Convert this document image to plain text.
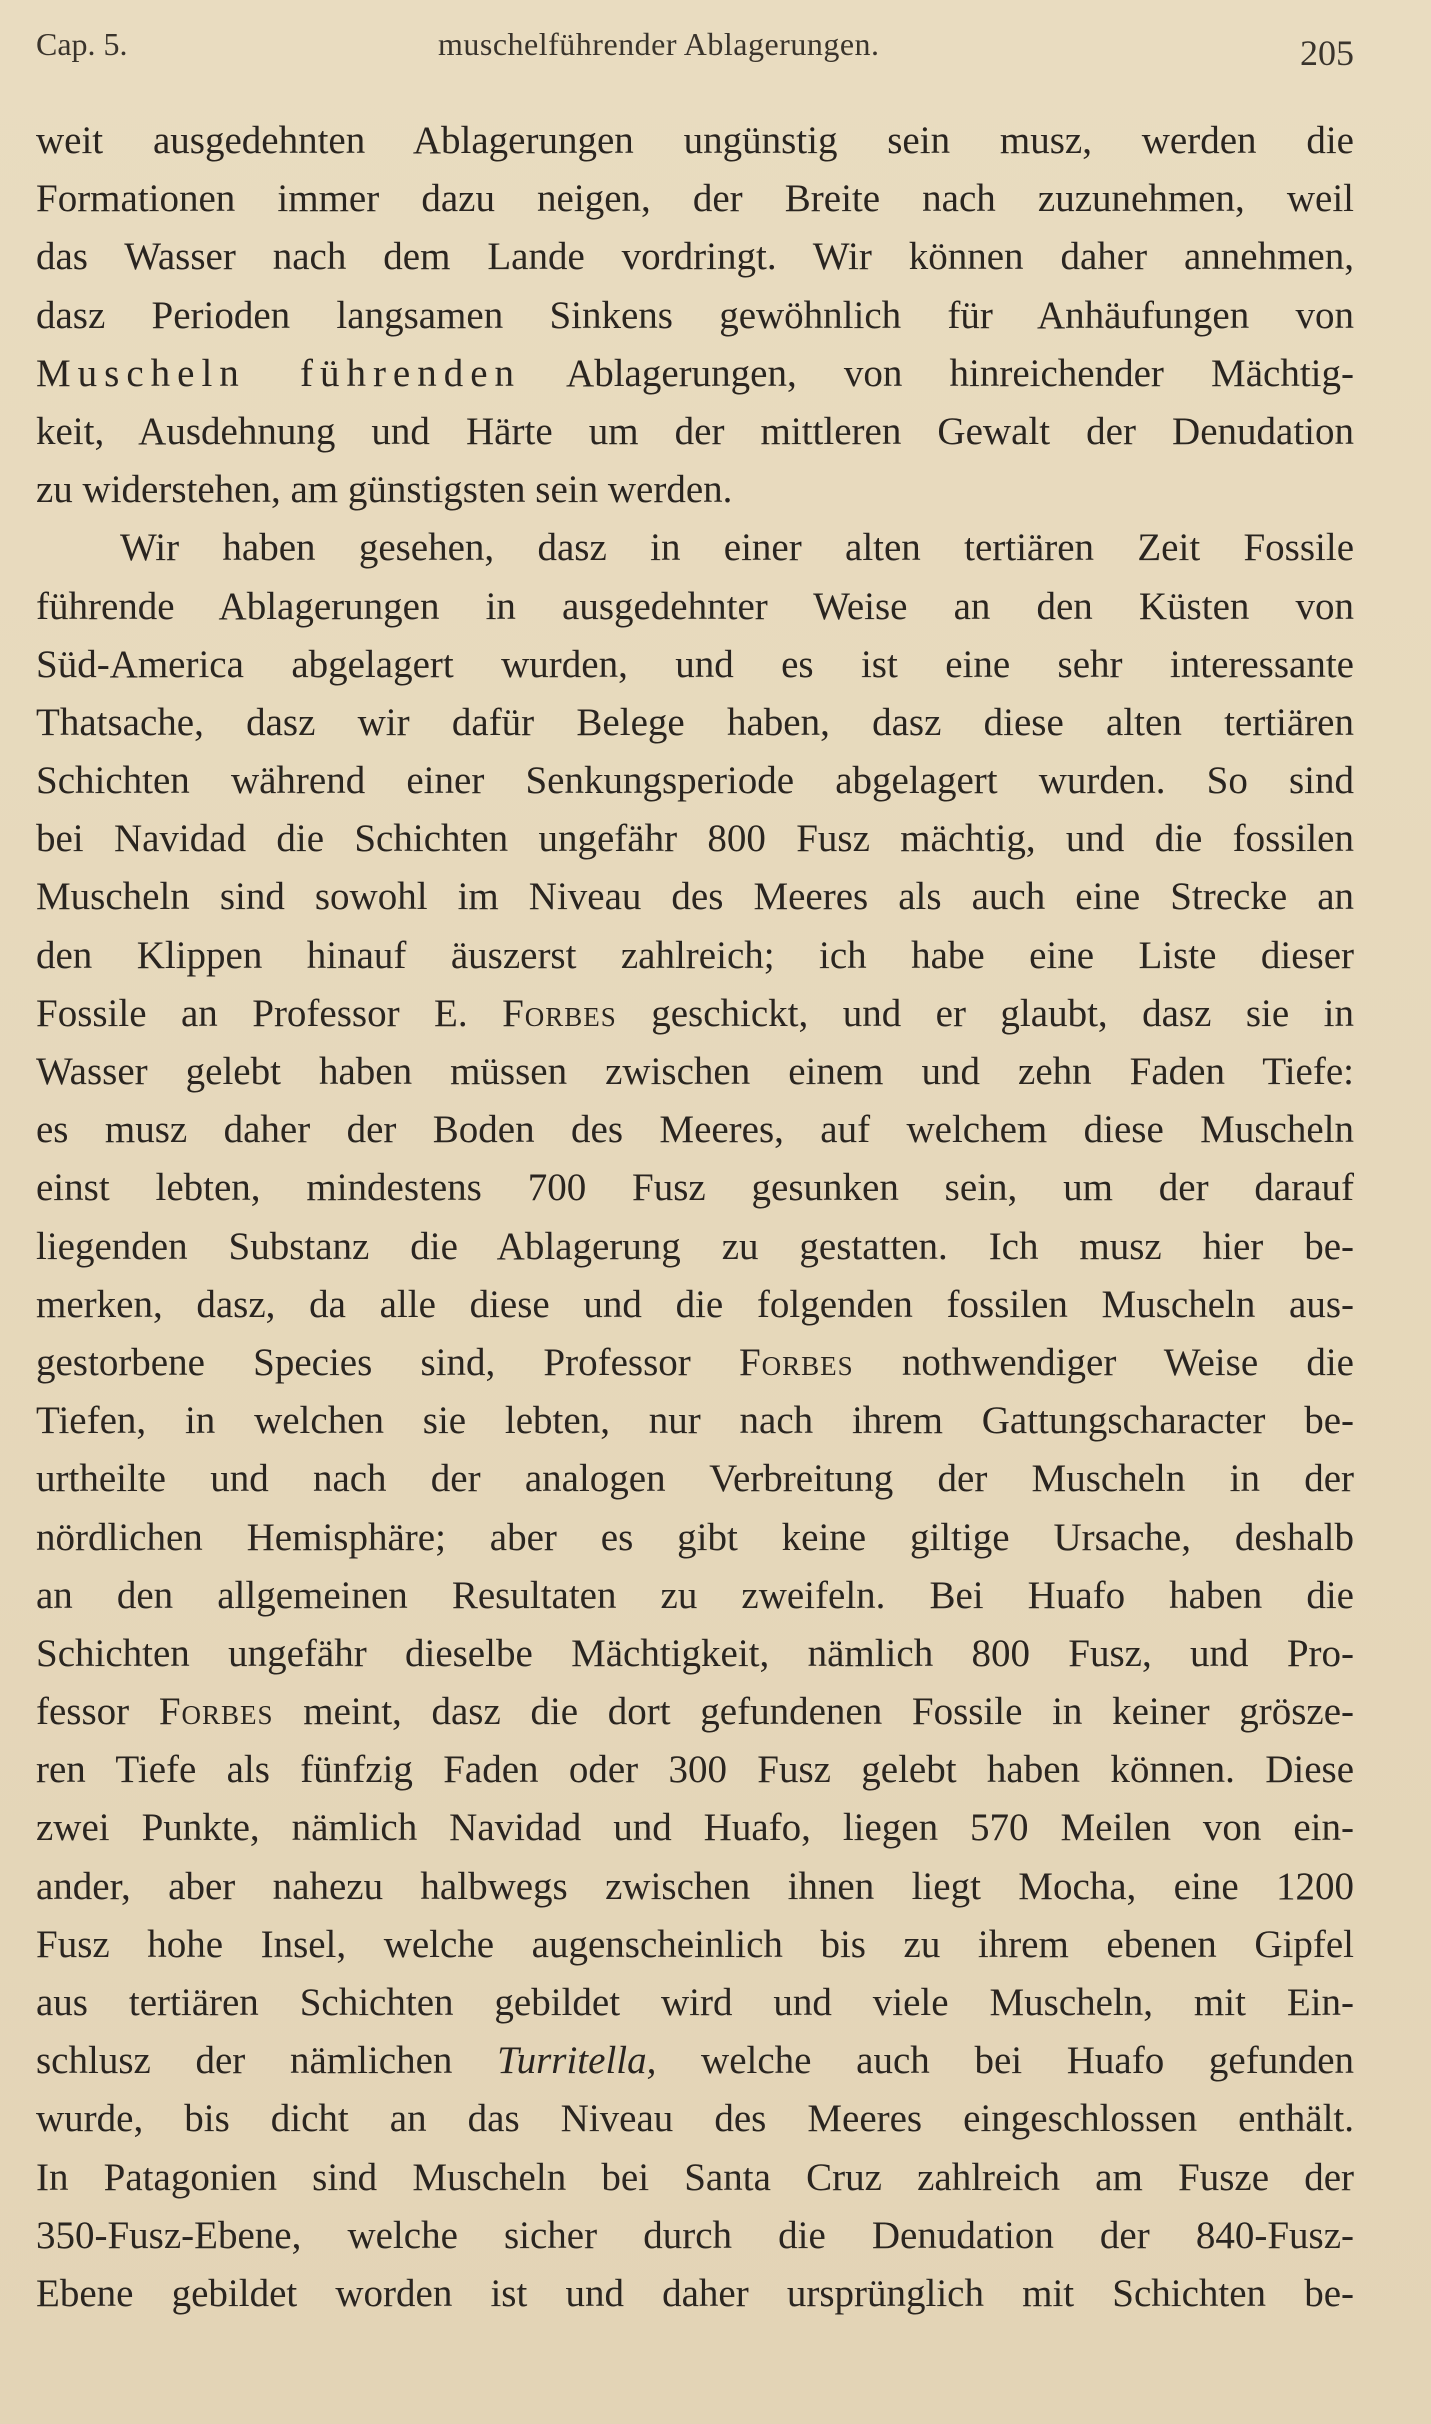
Cap. 5.	muschelführender Ablagerungen.	205
weit ausgedehnten Ablagerungen ungünstig sein musz, werden die
Formationen immer dazu neigen, der Breite nach zuzunehmen, weil
das Wasser nach dem Lande vordringt. Wir können daher annehmen,
dasz Perioden langsamen Sinkens gewöhnlich für Anhäufungen von
Muscheln führenden Ablagerungen, von hinreichender Mächtig-
keit, Ausdehnung und Härte um der mittleren Gewalt der Denudation
zu widerstehen, am günstigsten sein werden.
Wir haben gesehen, dasz in einer alten tertiären Zeit Fossile
führende Ablagerungen in ausgedehnter Weise an den Küsten von
Süd-America abgelagert wurden, und es ist eine sehr interessante
Thatsache, dasz wir dafür Belege haben, dasz diese alten tertiären
Schichten während einer Senkungsperiode abgelagert wurden. So sind
bei Navidad die Schichten ungefähr 800 Fusz mächtig, und die fossilen
Muscheln sind sowohl im Niveau des Meeres als auch eine Strecke an
den Klippen hinauf äuszerst zahlreich; ich habe eine Liste dieser
Fossile an Professor E. Forbes geschickt, und er glaubt, dasz sie in
Wasser gelebt haben müssen zwischen einem und zehn Faden Tiefe:
es musz daher der Boden des Meeres, auf welchem diese Muscheln
einst lebten, mindestens 700 Fusz gesunken sein, um der darauf
liegenden Substanz die Ablagerung zu gestatten. Ich musz hier be-
merken, dasz, da alle diese und die folgenden fossilen Muscheln aus-
gestorbene Species sind, Professor Forbes nothwendiger Weise die
Tiefen, in welchen sie lebten, nur nach ihrem Gattungscharacter be-
urtheilte und nach der analogen Verbreitung der Muscheln in der
nördlichen Hemisphäre; aber es gibt keine giltige Ursache, deshalb
an den allgemeinen Resultaten zu zweifeln. Bei Huafo haben die
Schichten ungefähr dieselbe Mächtigkeit, nämlich 800 Fusz, und Pro-
fessor Forbes meint, dasz die dort gefundenen Fossile in keiner grösze-
ren Tiefe als fünfzig Faden oder 300 Fusz gelebt haben können. Diese
zwei Punkte, nämlich Navidad und Huafo, liegen 570 Meilen von ein-
ander, aber nahezu halbwegs zwischen ihnen liegt Mocha, eine 1200
Fusz hohe Insel, welche augenscheinlich bis zu ihrem ebenen Gipfel
aus tertiären Schichten gebildet wird und viele Muscheln, mit Ein-
schlusz der nämlichen Turritella, welche auch bei Huafo gefunden
wurde, bis dicht an das Niveau des Meeres eingeschlossen enthält.
In Patagonien sind Muscheln bei Santa Cruz zahlreich am Fusze der
350-Fusz-Ebene, welche sicher durch die Denudation der 840-Fusz-
Ebene gebildet worden ist und daher ursprünglich mit Schichten be-
